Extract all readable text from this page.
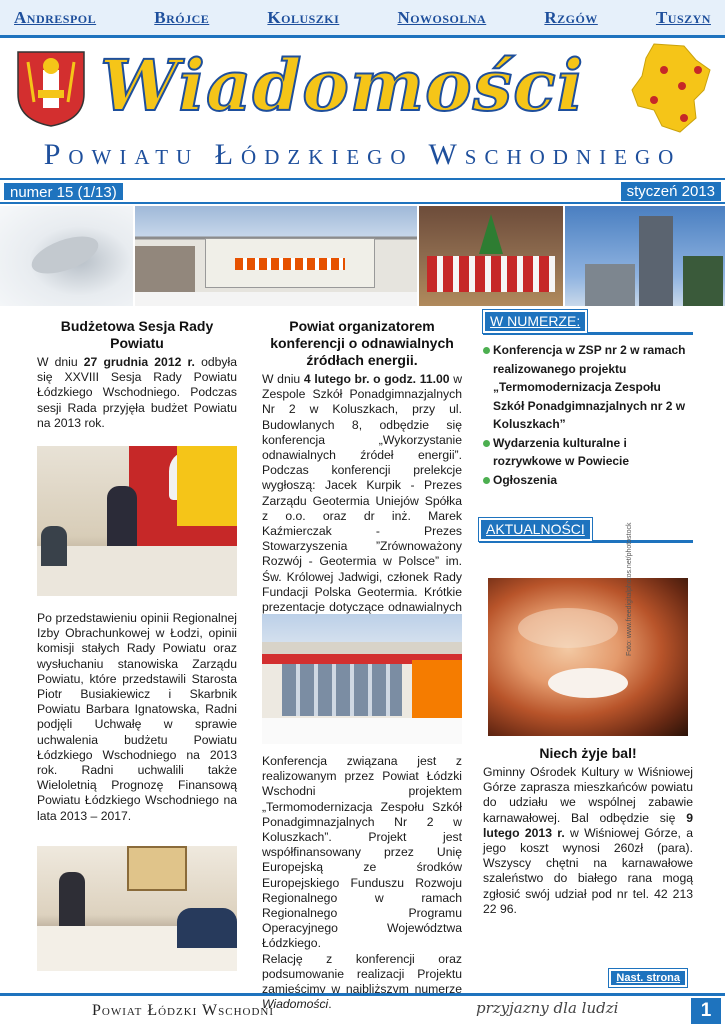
Andrespol	Brójce	Koluszki	Nowosolna	Rzgów	Tuszyn
Wiadomości
Powiatu Łódzkiego Wschodniego
numer 15 (1/13)	styczeń 2013
Budżetowa Sesja Rady Powiatu

W dniu 27 grudnia 2012 r. odbyła się XXVIII Sesja Rady Powiatu Łódzkiego Wschodniego. Podczas sesji Rada przyjęła budżet Powiatu na 2013 rok.

Po przedstawieniu opinii Regionalnej Izby Obrachunkowej w Łodzi, opinii komisji stałych Rady Powiatu oraz wysłuchaniu stanowiska Zarządu Powiatu, które przedstawili Starosta Piotr Busiakiewicz i Skarbnik Powiatu Barbara Ignatowska, Radni podjęli Uchwałę w sprawie uchwalenia budżetu Powiatu Łódzkiego Wschodniego na 2013 rok. Radni uchwalili także Wieloletnią Prognozę Finansową Powiatu Łódzkiego Wschodniego na lata 2013 – 2017.

Powiat organizatorem konferencji o odnawialnych źródłach energii.

W dniu 4 lutego br. o godz. 11.00 w Zespole Szkół Ponadgimnazjalnych Nr 2 w Koluszkach, przy ul. Budowlanych 8, odbędzie się konferencja „Wykorzystanie odnawialnych źródeł energii”. Podczas konferencji prelekcje wygłoszą: Jacek Kurpik - Prezes Zarządu Geotermia Uniejów Spółka z o.o. oraz dr inż. Marek Kaźmierczak - Prezes Stowarzyszenia ”Zrównoważony Rozwój - Geotermia w Polsce” im. Św. Królowej Jadwigi, członek Rady Fundacji Polska Geotermia. Krótkie prezentacje dotyczące odnawialnych

Konferencja związana jest z realizowanym przez Powiat Łódzki Wschodni projektem „Termomodernizacja Zespołu Szkół Ponadgimnazjalnych Nr 2 w Koluszkach”. Projekt jest współfinansowany przez Unię Europejską ze środków Europejskiego Funduszu Rozwoju Regionalnego w ramach Regionalnego Programu Operacyjnego Województwa Łódzkiego.

Relację z konferencji oraz podsumowanie realizacji Projektu zamieścimy w najbliższym numerze Wiadomości.

W NUMERZE:
Konferencja w ZSP nr 2 w ramach realizowanego projektu „Termomodernizacja Zespołu Szkół Ponadgimnazjalnych nr 2 w Koluszkach”
Wydarzenia kulturalne i rozrywkowe w Powiecie
Ogłoszenia
AKTUALNOŚCI	Foto: www.freedigitalphotos.net/photostock
Niech żyje bal!

Gminny Ośrodek Kultury w Wiśniowej Górze zaprasza mieszkańców powiatu do udziału we wspólnej zabawie karnawałowej. Bal odbędzie się 9 lutego 2013 r. w Wiśniowej Górze, a jego koszt wynosi 260zł (para). Wszyscy chętni na karnawałowe szaleństwo do białego rana mogą zgłosić swój udział pod nr tel. 42 213 22 96.

Nast. strona
Powiat Łódzki Wschodni	przyjazny dla ludzi	1
